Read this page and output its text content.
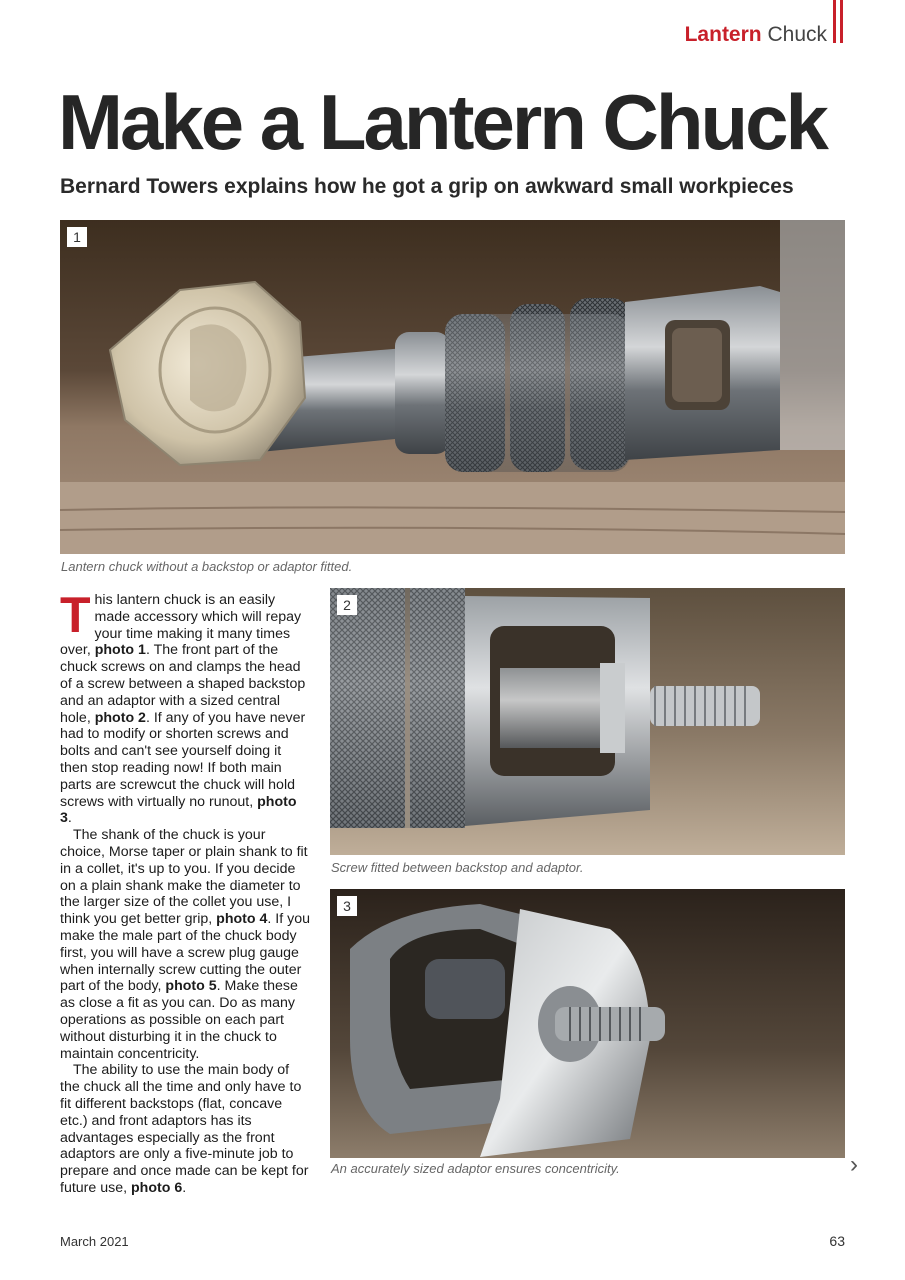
Lantern Chuck
Make a Lantern Chuck
Bernard Towers explains how he got a grip on awkward small workpieces
1

Lantern chuck without a backstop or adaptor fitted.

This lantern chuck is an easily made accessory which will repay your time making it many times over, photo 1. The front part of the chuck screws on and clamps the head of a screw between a shaped backstop and an adaptor with a sized central hole, photo 2. If any of you have never had to modify or shorten screws and bolts and can't see yourself doing it then stop reading now! If both main parts are screwcut the chuck will hold screws with virtually no runout, photo 3.

The shank of the chuck is your choice, Morse taper or plain shank to fit in a collet, it's up to you. If you decide on a plain shank make the diameter to the larger size of the collet you use, I think you get better grip, photo 4. If you make the male part of the chuck body first, you will have a screw plug gauge when internally screw cutting the outer part of the body, photo 5. Make these as close a fit as you can. Do as many operations as possible on each part without disturbing it in the chuck to maintain concentricity.

The ability to use the main body of the chuck all the time and only have to fit different backstops (flat, concave etc.) and front adaptors has its advantages especially as the front adaptors are only a five-minute job to prepare and once made can be kept for future use, photo 6.

2

Screw fitted between backstop and adaptor.

3

An accurately sized adaptor ensures concentricity.	›
March 2021	63
